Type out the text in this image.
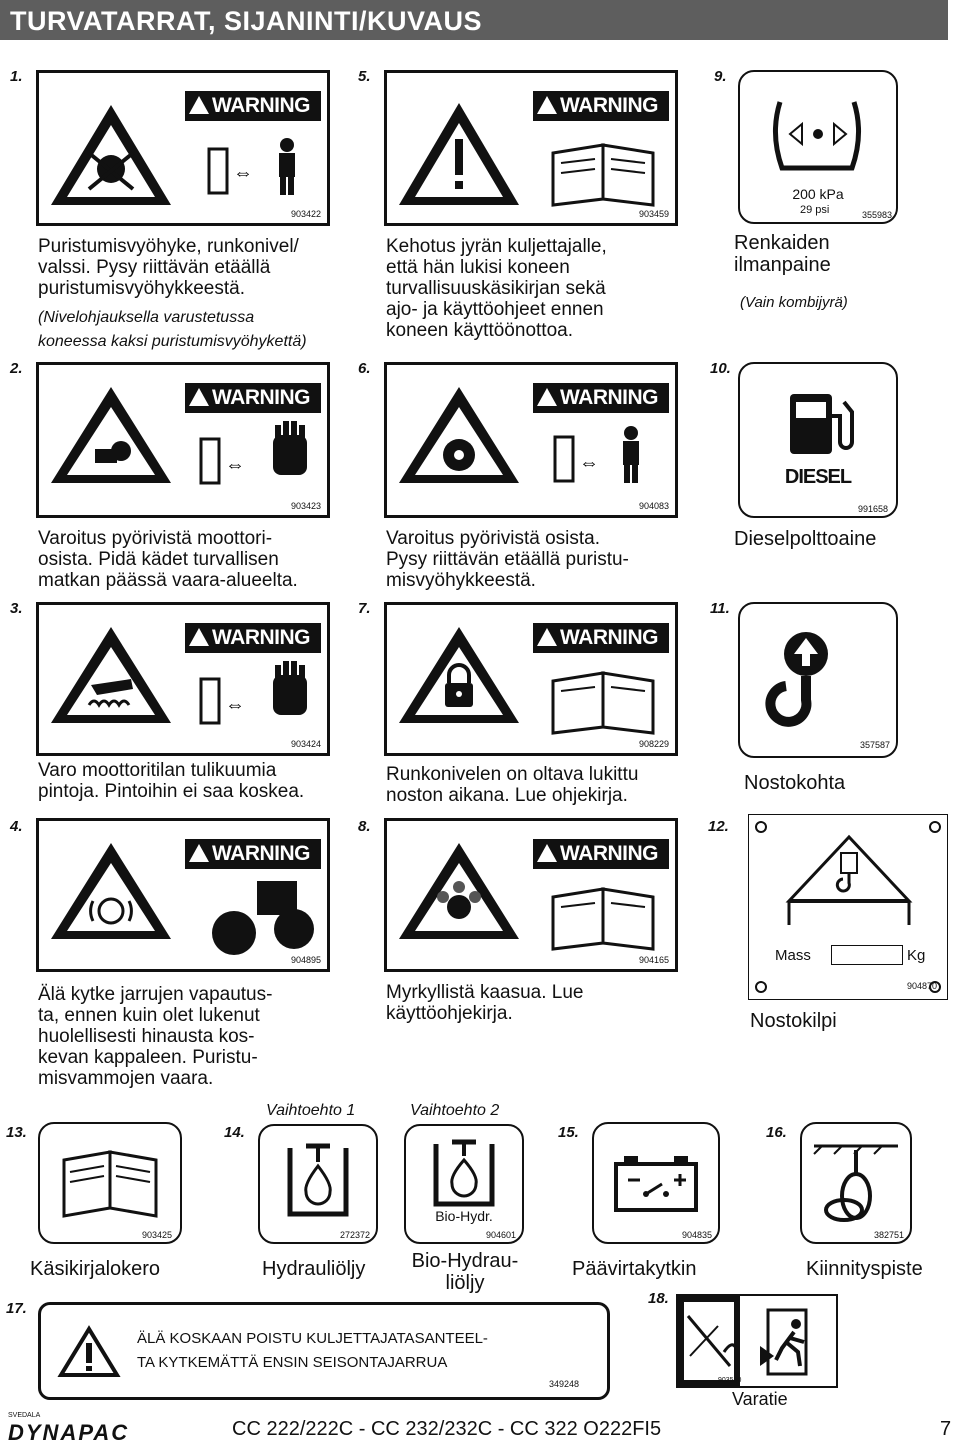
TURVATARRAT, SIJANINTI/KUVAUS
1.
WARNING
⇔
903422
Puristumisvyöhyke, runkonivel/
valssi. Pysy riittävän etäällä
puristumisvyöhykkeestä.
(Nivelohjauksella varustetussa
koneessa kaksi puristumisvyöhykettä)
2.
WARNING
⇔
903423
Varoitus pyörivistä moottori-
osista. Pidä kädet turvallisen
matkan päässä vaara-alueelta.
3.
WARNING
⇔
903424
Varo moottoritilan tulikuumia
pintoja. Pintoihin ei saa koskea.
4.
WARNING
904895
Älä kytke jarrujen vapautus-
ta, ennen kuin olet lukenut
huolellisesti hinausta kos-
kevan kappaleen. Puristu-
misvammojen vaara.
5.
WARNING
903459
Kehotus jyrän kuljettajalle,
että hän lukisi koneen
turvallisuuskäsikirjan sekä
ajo- ja käyttöohjeet ennen
koneen käyttöönottoa.
6.
WARNING
⇔
904083
Varoitus pyörivistä osista.
Pysy riittävän etäällä puristu-
misvyöhykkeestä.
7.
WARNING
908229
Runkonivelen on oltava lukittu
noston aikana. Lue ohjekirja.
8.
WARNING
904165
Myrkyllistä kaasua. Lue
käyttöohjekirja.
9.
200 kPa
29 psi	355983
Renkaiden
ilmanpaine
(Vain kombijyrä)
10.
DIESEL
991658
Dieselpolttoaine
11.
357587
Nostokohta
12.
Mass	Kg
904870
Nostokilpi
13.
903425
Käsikirjalokero
14.
Vaihtoehto 1	Vaihtoehto 2
272372
Bio-Hydr.
904601
Hydrauliöljy	Bio-Hydrau-
liöljy
15.
904835
Päävirtakytkin
16.
382751
Kiinnityspiste
17.
ÄLÄ KOSKAAN POISTU KULJETTAJATASANTEEL-
TA KYTKEMÄTTÄ ENSIN SEISONTAJARRUA
349248
18.
903590
Varatie
SVEDALA
DYNAPAC	CC 222/222C - CC 232/232C - CC 322 O222FI5	7
